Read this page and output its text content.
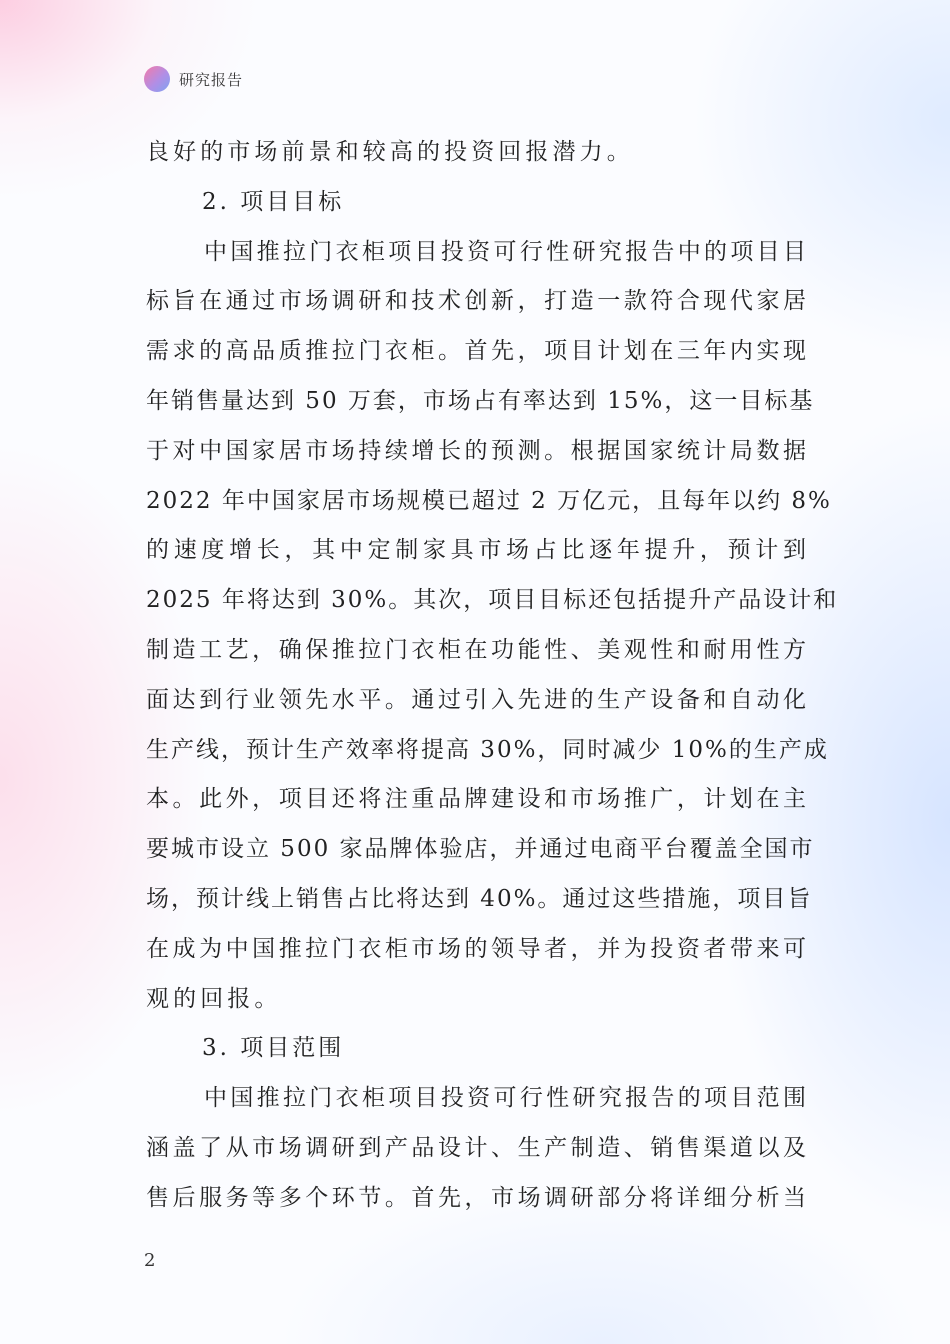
研究报告
良好的市场前景和较高的投资回报潜力。
2. 项目目标
中国推拉门衣柜项目投资可行性研究报告中的项目目
标旨在通过市场调研和技术创新，打造一款符合现代家居
需求的高品质推拉门衣柜。首先，项目计划在三年内实现
年销售量达到 50 万套，市场占有率达到 15%，这一目标基
于对中国家居市场持续增长的预测。根据国家统计局数据
2022 年中国家居市场规模已超过 2 万亿元，且每年以约 8%
的速度增长，其中定制家具市场占比逐年提升，预计到
2025 年将达到 30%。其次，项目目标还包括提升产品设计和
制造工艺，确保推拉门衣柜在功能性、美观性和耐用性方
面达到行业领先水平。通过引入先进的生产设备和自动化
生产线，预计生产效率将提高 30%，同时减少 10%的生产成
本。此外，项目还将注重品牌建设和市场推广，计划在主
要城市设立 500 家品牌体验店，并通过电商平台覆盖全国市
场，预计线上销售占比将达到 40%。通过这些措施，项目旨
在成为中国推拉门衣柜市场的领导者，并为投资者带来可
观的回报。
3. 项目范围
中国推拉门衣柜项目投资可行性研究报告的项目范围
涵盖了从市场调研到产品设计、生产制造、销售渠道以及
售后服务等多个环节。首先，市场调研部分将详细分析当
2
